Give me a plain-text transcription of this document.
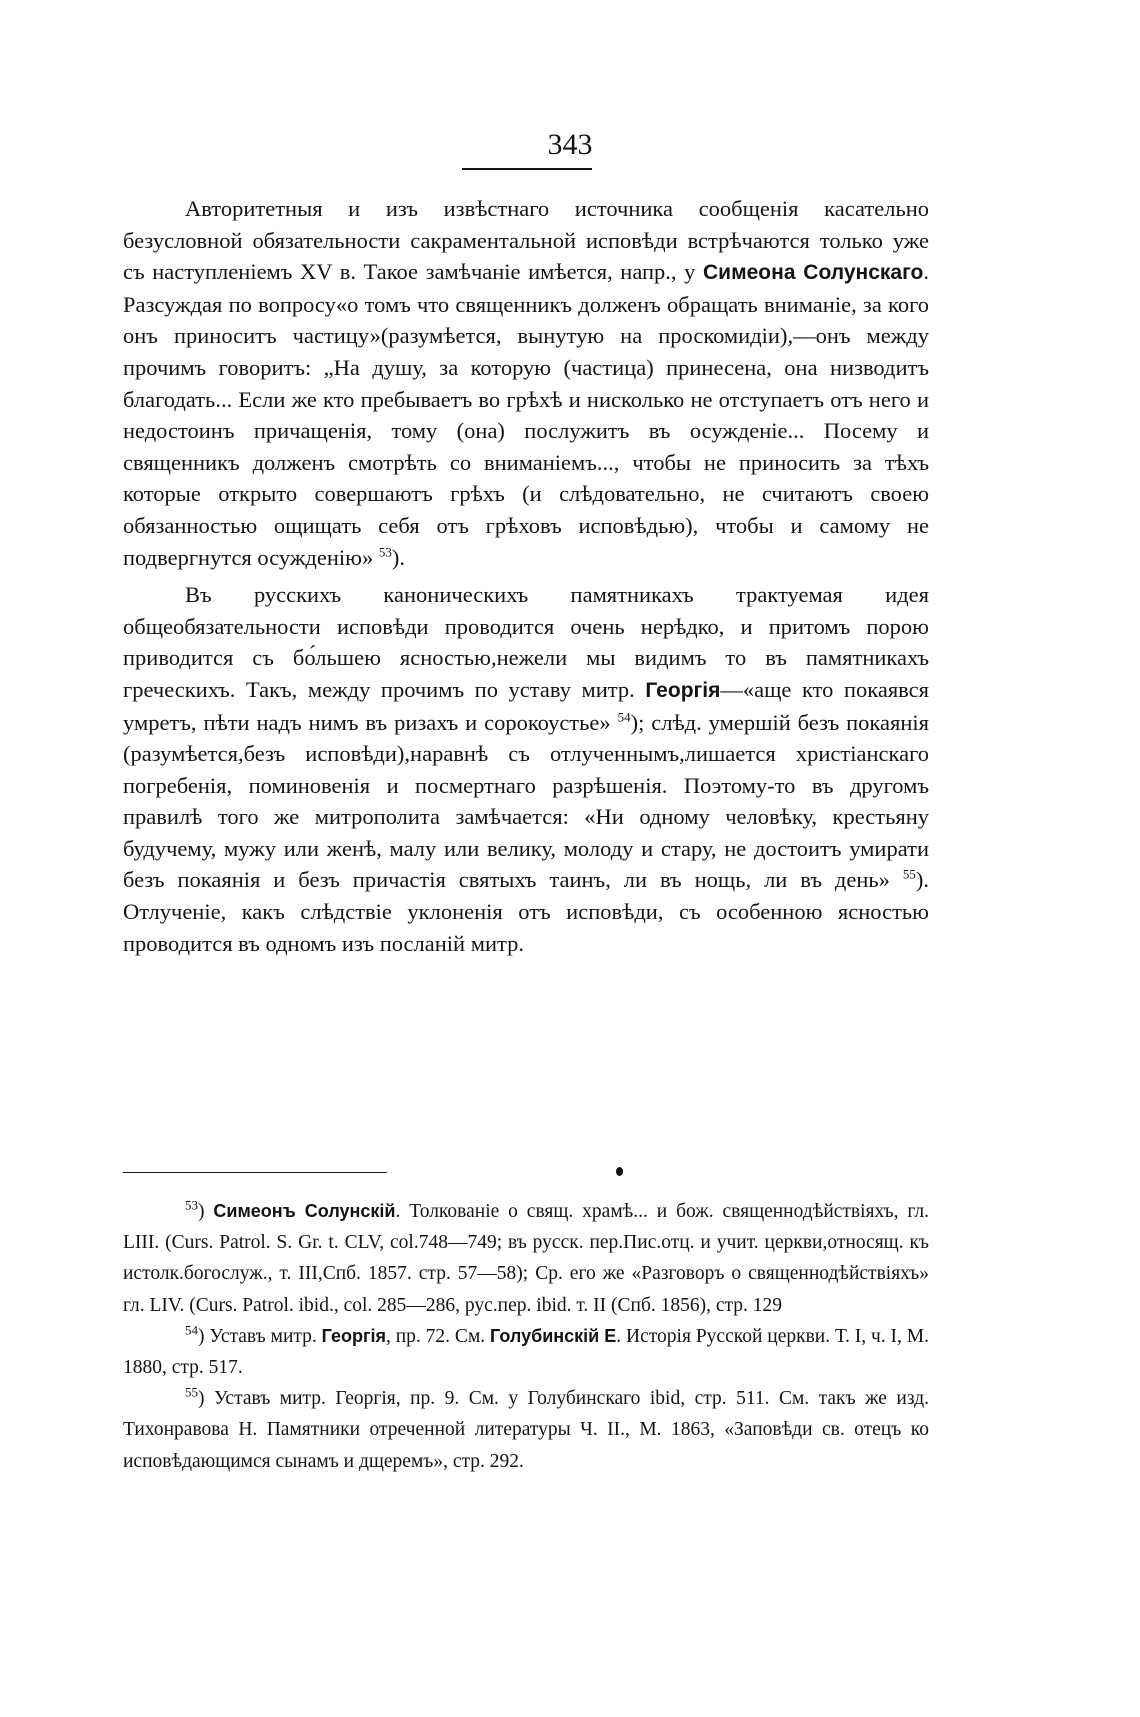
343

Авторитетныя и изъ извѣстнаго источника сообщенія касательно безусловной обязательности сакраментальной исповѣди встрѣчаются только уже съ наступленіемъ XV в. Такое замѣчаніе имѣется, напр., у Симеона Солунскаго. Разсуждая по вопросу«о томъ что священникъ долженъ обращать вниманіе, за кого онъ приноситъ частицу»(разумѣется, вынутую на проскомидіи),—онъ между прочимъ говоритъ: „На душу, за которую (частица) принесена, она низводитъ благодать... Если же кто пребываетъ во грѣхѣ и нисколько не отступаетъ отъ него и недостоинъ причащенія, тому (она) послужитъ въ осужденіе... Посему и священникъ долженъ смотрѣть со вниманіемъ..., чтобы не приносить за тѣхъ которые открыто совершаютъ грѣхъ (и слѣдовательно, не считаютъ своею обязанностью ощищать себя отъ грѣховъ исповѣдью), чтобы и самому не подвергнутся осужденію» $^{53}$).

Въ русскихъ каноническихъ памятникахъ трактуемая идея общеобязательности исповѣди проводится очень нерѣдко, и притомъ порою приводится съ бо́льшею ясностью,нежели мы видимъ то въ памятникахъ греческихъ. Такъ, между прочимъ по уставу митр. Георгія—«аще кто покаявся умретъ, пѣти надъ нимъ въ ризахъ и сорокоустье» $^{54}$); слѣд. умершій безъ покаянія (разумѣется,безъ исповѣди),наравнѣ съ отлученнымъ,лишается христіанскаго погребенія, поминовенія и посмертнаго разрѣшенія. Поэтому-то въ другомъ правилѣ того же митрополита замѣчается: «Ни одному человѣку, крестьяну будучему, мужу или женѣ, малу или велику, молоду и стару, не достоитъ умирати безъ покаянія и безъ причастія святыхъ таинъ, ли въ нощь, ли въ день» $^{55}$). Отлученіе, какъ слѣдствіе уклоненія отъ исповѣди, съ особенною ясностью проводится въ одномъ изъ посланій митр.

$^{53}$) Симеонъ Солунскій. Толкованіе о свящ. храмѣ... и бож. священнодѣйствіяхъ, гл. LIII. (Curs. Patrol. S. Gr. t. CLV, col.748—749; въ русск. пер.Пис.отц. и учит. церкви,относящ. къ истолк.богослуж., т. III,Спб. 1857. стр. 57—58); Ср. его же «Разговоръ о священнодѣйствіяхъ» гл. LIV. (Curs. Patrol. ibid., col. 285—286, рус.пер. ibid. т. II (Спб. 1856), стр. 129

$^{54}$) Уставъ митр. Георгія, пр. 72. См. Голубинскій Е. Исторія Русской церкви. Т. I, ч. I, М. 1880, стр. 517.

$^{55}$) Уставъ митр. Георгія, пр. 9. См. у Голубинскаго ibid, стр. 511. См. такъ же изд. Тихонравова Н. Памятники отреченной литературы Ч. II., М. 1863, «Заповѣди св. отецъ ко исповѣдающимся сынамъ и дщеремъ», стр. 292.
